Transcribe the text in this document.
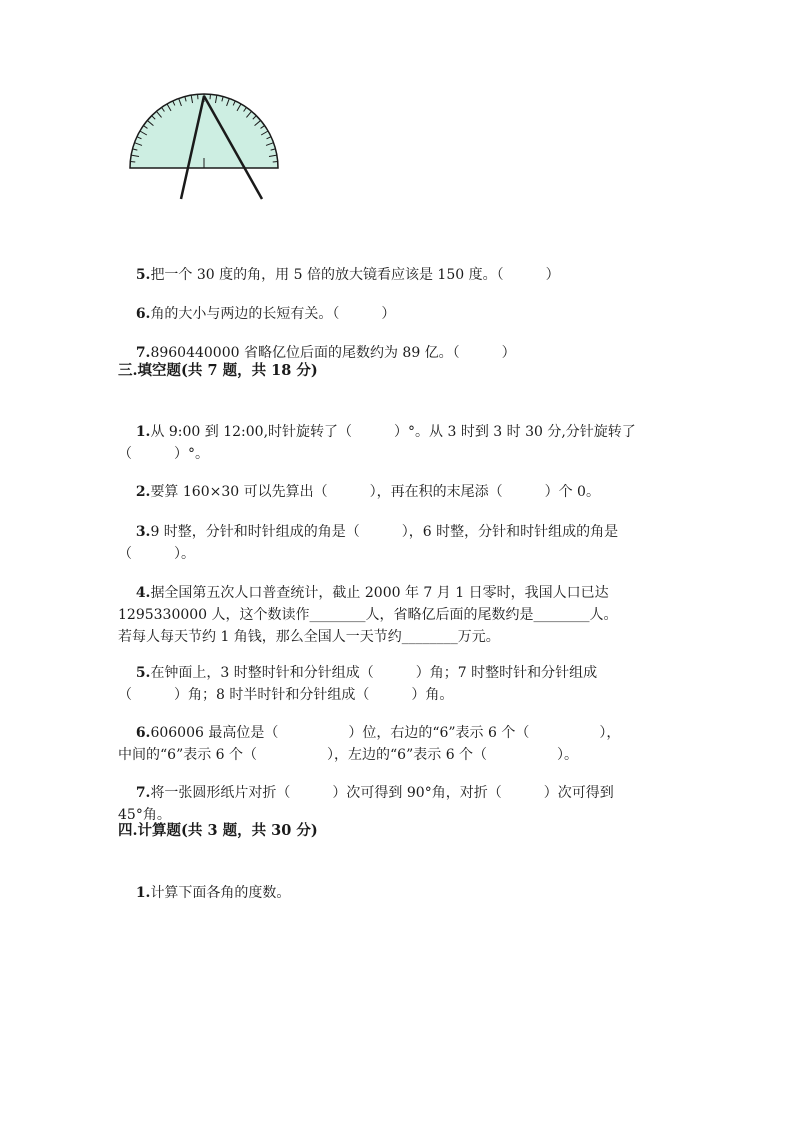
5.把一个 30 度的角，用 5 倍的放大镜看应该是 150 度。（　　　）

6.角的大小与两边的长短有关。（　　　）

7.8960440000 省略亿位后面的尾数约为 89 亿。（　　　）

三.填空题(共 7 题，共 18 分)

1.从 9:00 到 12:00,时针旋转了（　　　）°。从 3 时到 3 时 30 分,分针旋转了
（　　　）°。

2.要算 160×30 可以先算出（　　　），再在积的末尾添（　　　）个 0。

3.9 时整，分针和时针组成的角是（　　　），6 时整，分针和时针组成的角是
（　　　）。

4.据全国第五次人口普查统计，截止 2000 年 7 月 1 日零时，我国人口已达
1295330000 人，这个数读作________人，省略亿后面的尾数约是________人。
若每人每天节约 1 角钱，那么全国人一天节约________万元。

5.在钟面上，3 时整时针和分针组成（　　　）角；7 时整时针和分针组成
（　　　）角；8 时半时针和分针组成（　　　）角。

6.606006 最高位是（　　　　　）位，右边的“6”表示 6 个（　　　　　），
中间的“6”表示 6 个（　　　　　），左边的“6”表示 6 个（　　　　　）。

7.将一张圆形纸片对折（　　　）次可得到 90°角，对折（　　　）次可得到
45°角。

四.计算题(共 3 题，共 30 分)

1.计算下面各角的度数。
